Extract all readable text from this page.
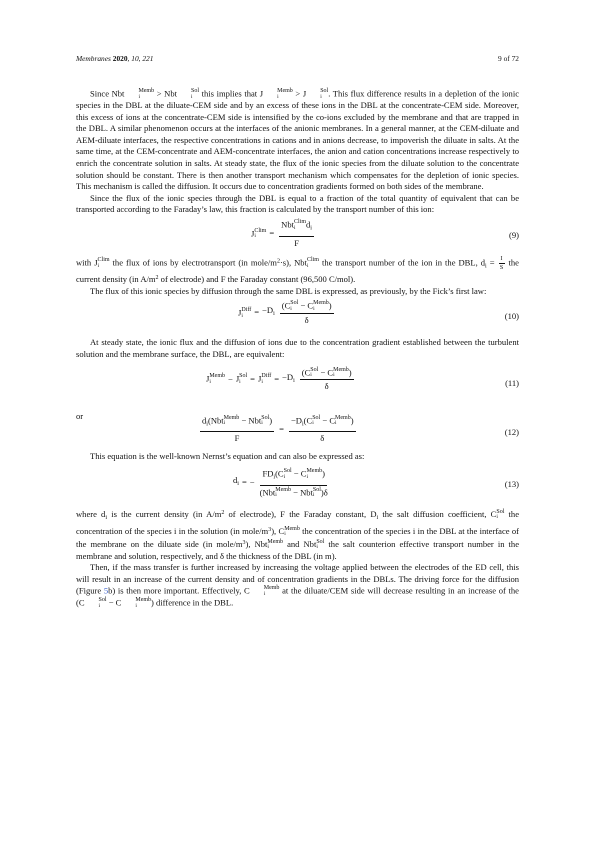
Membranes 2020, 10, 221	9 of 72

Since Nbt	Memb
i	> Nbt	Sol
i this implies that J	Memb
i	> J	Sol
i . This flux difference results in a depletion of the ionic species in the DBL at the diluate-CEM side and by an excess of these ions in the DBL at the concentrate-CEM side. Moreover, this excess of ions at the concentrate-CEM side is intensified by the co-ions excluded by the membrane and that are trapped in the DBL. A similar phenomenon occurs at the interfaces of the anionic membranes. In a general manner, at the CEM-diluate and AEM-diluate interfaces, the respective concentrations in cations and in anions decrease, to impoverish the diluate in salts. At the same time, at the CEM-concentrate and AEM-concentrate interfaces, the anion and cation concentrations increase respectively to enrich the concentrate solution in salts. At steady state, the flux of the ionic species from the diluate solution to the concentrate solution should be constant. There is then another transport mechanism which compensates for the depletion of ionic species. This mechanism is called the diffusion. It occurs due to concentration gradients formed on both sides of the membrane.

Since the flux of the ionic species through the DBL is equal to a fraction of the total quantity of equivalent that can be transported according to the Faraday’s law, this fraction is calculated by the transport number of this ion:

J Clim
i	= Nbt Clim
i	$d_i$
F	(9)

with J Clim
i	the flux of ions by electrotransport (in mole/$m^2\cdot s$), Nbt Clim
i	the transport number of the ion in the DBL, $d_i = \frac{I}{S}$ the current density (in $A/m^2$ of electrode) and F the Faraday constant (96,500 C/mol).

The flux of this ionic species by diffusion through the same DBL is expressed, as previously, by the Fick’s first law:

J Diff
i	= $-D_i$ (C Sol
i	− C Memb
i	)
δ	(10)

At steady state, the ionic flux and the diffusion of ions due to the concentration gradient established between the turbulent solution and the membrane surface, the DBL, are equivalent:

J Memb
i	− J Sol
i	= J Diff
i	= $-D_i$ (C Sol
i	− C Memb
i	)
δ	(11)
or	$d_i(Nbt$ Memb
i	− Nbt Sol
i )
$F = -D_i(C$ Sol
i	− C Memb
i	)
δ	(12)

This equation is the well-known Nernst’s equation and can also be expressed as:

$d_i$ = − $FD_i(C$ Sol
i	− C Memb
i	)
(Nbt Memb
i	− Nbt Sol
i )δ	(13)

where $d_i$ is the current density (in $A/m^2$ of electrode), F the Faraday constant, $D_i$ the salt diffusion coefficient, C Sol
i the concentration of the species i in the solution (in mole/$m^3$), C Memb
i	the concentration of the species i in the DBL at the interface of the membrane on the diluate side (in mole/$m^3$), Nbt Memb
i	and Nbt Sol
i the salt counterion effective transport number in the membrane and solution, respectively, and δ the thickness of the DBL (in m).

Then, if the mass transfer is further increased by increasing the voltage applied between the electrodes of the ED cell, this will result in an increase of the current density and of concentration gradients in the DBLs. The driving force for the diffusion (Figure 5b) is then more important. Effectively, C	Memb
i	at the diluate/CEM side will decrease resulting in an increase of the (C	Sol
i − C	Memb
i	) difference in the DBL.
